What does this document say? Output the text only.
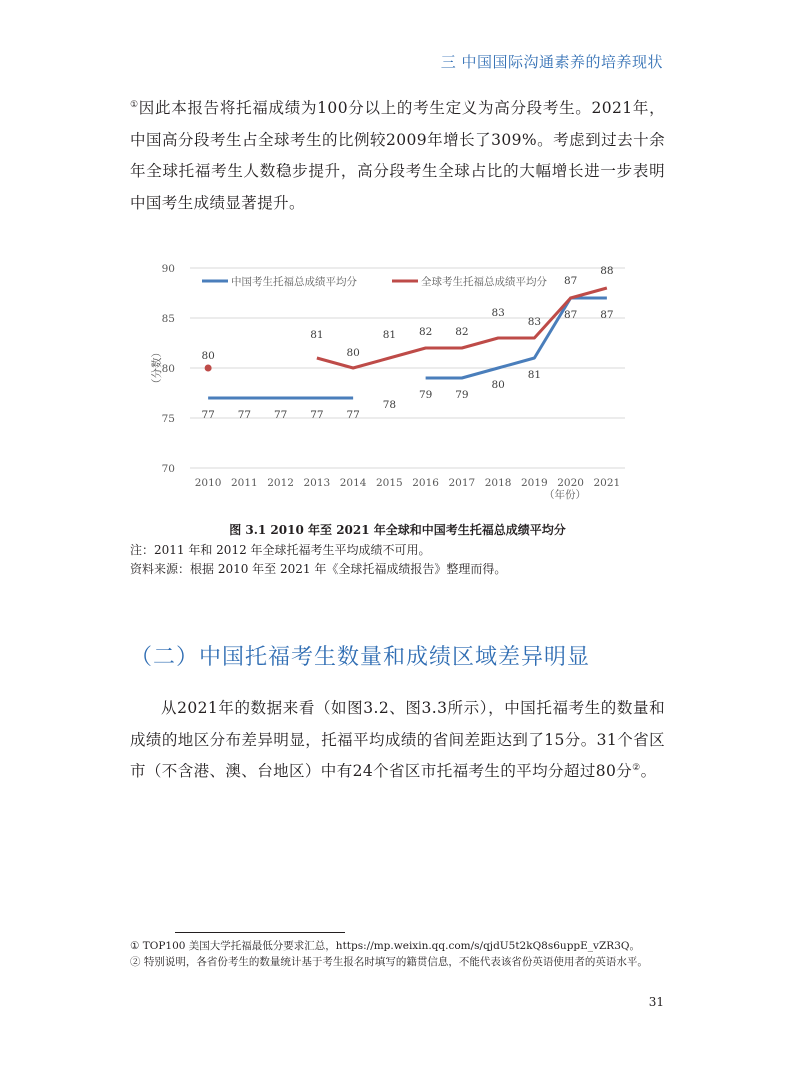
三 中国国际沟通素养的培养现状
①因此本报告将托福成绩为100分以上的考生定义为高分段考生。2021年，中国高分段考生占全球考生的比例较2009年增长了309%。考虑到过去十余年全球托福考生人数稳步提升，高分段考生全球占比的大幅增长进一步表明中国考生成绩显著提升。
70
75
80
85
90
2010 2011 2012 2013 2014 2015 2016 2017 2018 2019 2020 2021
（分数）
（年份）
77 77 77 77 77
78
79 79
80
81
87 87
80
81
80
81 82 82
83
83
87
88
中国考生托福总成绩平均分	全球考生托福总成绩平均分
图 3.1 2010 年至 2021 年全球和中国考生托福总成绩平均分
注：2011 年和 2012 年全球托福考生平均成绩不可用。
资料来源：根据 2010 年至 2021 年《全球托福成绩报告》整理而得。
（二）中国托福考生数量和成绩区域差异明显
从2021年的数据来看（如图3.2、图3.3所示），中国托福考生的数量和成绩的地区分布差异明显，托福平均成绩的省间差距达到了15分。31个省区市（不含港、澳、台地区）中有24个省区市托福考生的平均分超过80分②。
① TOP100 美国大学托福最低分要求汇总，https://mp.weixin.qq.com/s/qjdU5t2kQ8s6uppE_vZR3Q。
② 特别说明，各省份考生的数量统计基于考生报名时填写的籍贯信息，不能代表该省份英语使用者的英语水平。
31
